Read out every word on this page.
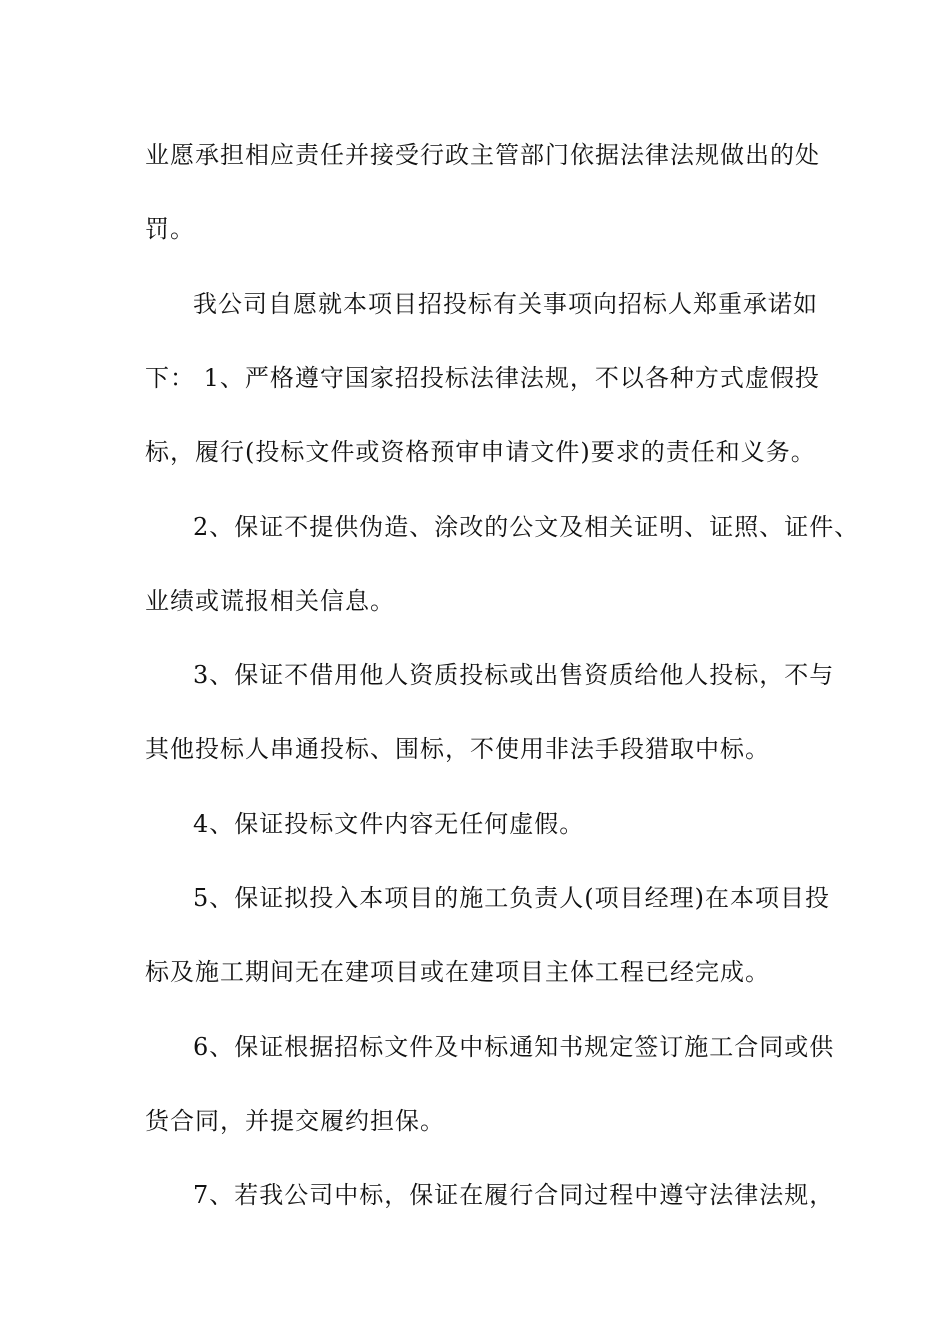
业愿承担相应责任并接受行政主管部门依据法律法规做出的处
罚。
我公司自愿就本项目招投标有关事项向招标人郑重承诺如
下： 1、严格遵守国家招投标法律法规，不以各种方式虚假投
标，履行(投标文件或资格预审申请文件)要求的责任和义务。
2、保证不提供伪造、涂改的公文及相关证明、证照、证件、
业绩或谎报相关信息。
3、保证不借用他人资质投标或出售资质给他人投标，不与
其他投标人串通投标、围标，不使用非法手段猎取中标。
4、保证投标文件内容无任何虚假。
5、保证拟投入本项目的施工负责人(项目经理)在本项目投
标及施工期间无在建项目或在建项目主体工程已经完成。
6、保证根据招标文件及中标通知书规定签订施工合同或供
货合同，并提交履约担保。
7、若我公司中标，保证在履行合同过程中遵守法律法规，
